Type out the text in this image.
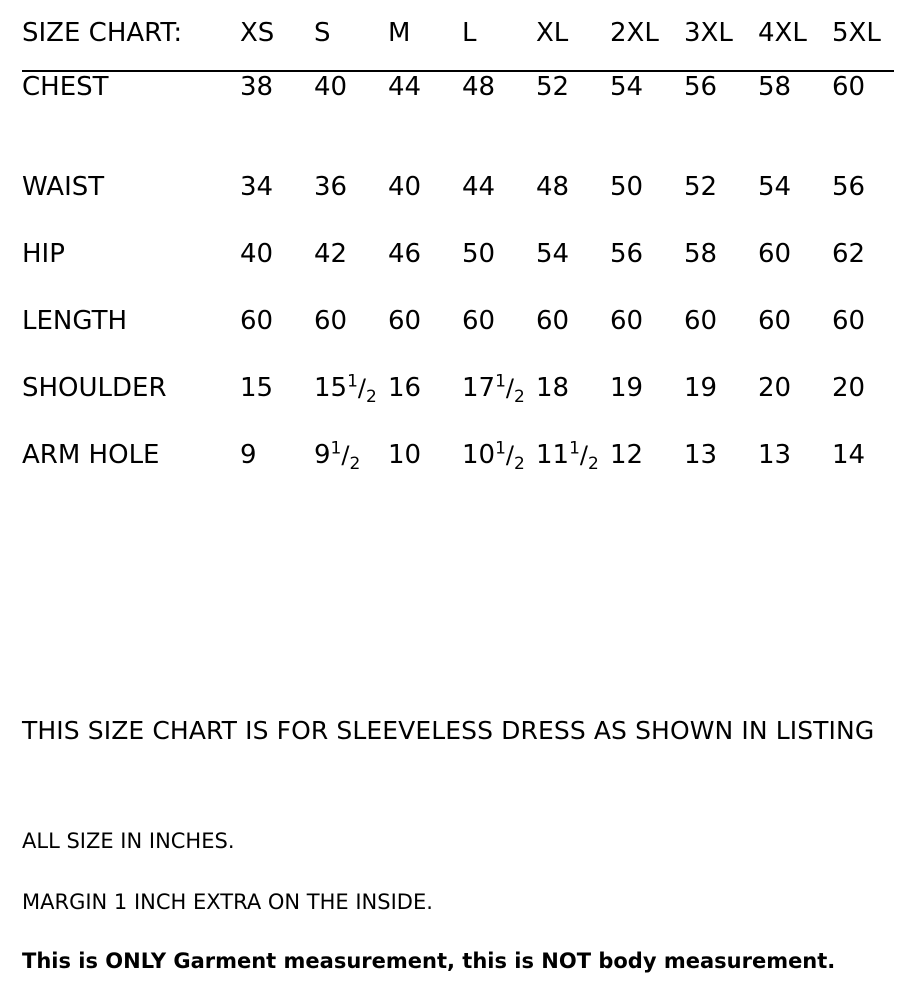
SIZE CHART:	XS	S	M	L	XL	2XL	3XL	4XL	5XL

CHEST	38	40	44	48	52	54	56	58	60
WAIST	34	36	40	44	48	50	52	54	56
HIP	40	42	46	50	54	56	58	60	62
LENGTH	60	60	60	60	60	60	60	60	60
SHOULDER	15	$15^1/_2$	16	$17^1/_2$	18	19	19	20	20
ARM HOLE	9	$9^1/_2$	10	$10^1/_2$	$11^1/_2$	12	13	13	14
THIS SIZE CHART IS FOR SLEEVELESS DRESS AS SHOWN IN LISTING
ALL SIZE IN INCHES.
MARGIN 1 INCH EXTRA ON THE INSIDE.
This is ONLY Garment measurement, this is NOT body measurement.
